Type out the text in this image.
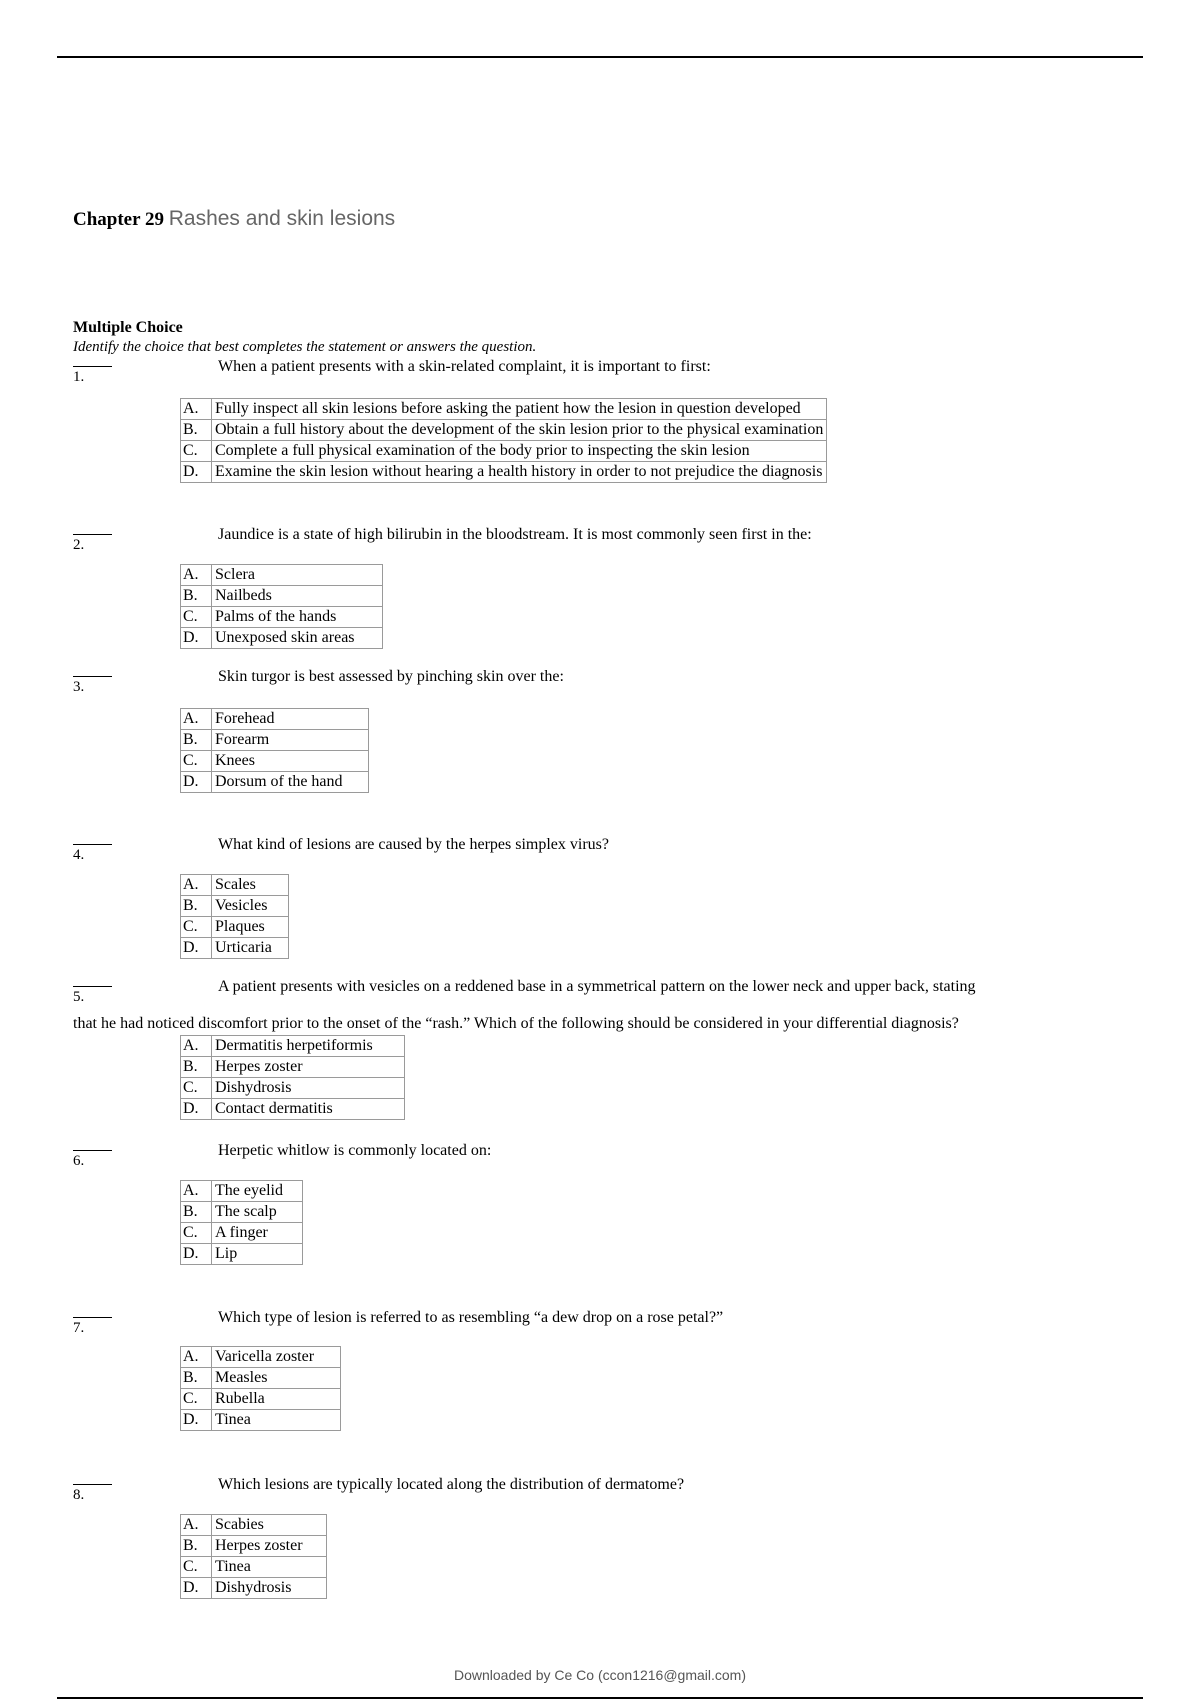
Chapter 29 Rashes and skin lesions
Multiple Choice
Identify the choice that best completes the statement or answers the question.
1.
When a patient presents with a skin-related complaint, it is important to first:
A.	Fully inspect all skin lesions before asking the patient how the lesion in question developed
B.	Obtain a full history about the development of the skin lesion prior to the physical examination
C.	Complete a full physical examination of the body prior to inspecting the skin lesion
D.	Examine the skin lesion without hearing a health history in order to not prejudice the diagnosis
2.
Jaundice is a state of high bilirubin in the bloodstream. It is most commonly seen first in the:
A.	Sclera
B.	Nailbeds
C.	Palms of the hands
D.	Unexposed skin areas
3.
Skin turgor is best assessed by pinching skin over the:
A.	Forehead
B.	Forearm
C.	Knees
D.	Dorsum of the hand
4.
What kind of lesions are caused by the herpes simplex virus?
A.	Scales
B.	Vesicles
C.	Plaques
D.	Urticaria
5.
A patient presents with vesicles on a reddened base in a symmetrical pattern on the lower neck and upper back, stating
that he had noticed discomfort prior to the onset of the “rash.” Which of the following should be considered in your differential diagnosis?
A.	Dermatitis herpetiformis
B.	Herpes zoster
C.	Dishydrosis
D.	Contact dermatitis
6.
Herpetic whitlow is commonly located on:
A.	The eyelid
B.	The scalp
C.	A finger
D.	Lip
7.
Which type of lesion is referred to as resembling “a dew drop on a rose petal?”
A.	Varicella zoster
B.	Measles
C.	Rubella
D.	Tinea
8.
Which lesions are typically located along the distribution of dermatome?
A.	Scabies
B.	Herpes zoster
C.	Tinea
D.	Dishydrosis
Downloaded by Ce Co (ccon1216@gmail.com)
